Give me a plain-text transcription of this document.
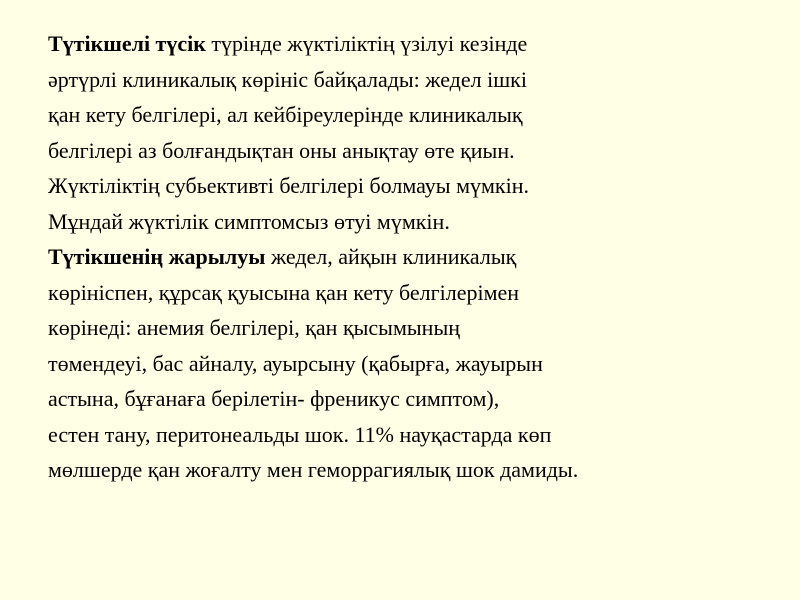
Түтікшелі түсік түрінде жүктіліктің үзілуі кезінде
әртүрлі клиникалық көрініс байқалады: жедел ішкі
қан кету белгілері, ал кейбіреулерінде клиникалық
белгілері аз болғандықтан оны анықтау өте қиын.
Жүктіліктің субьективті белгілері болмауы мүмкін.
Мұндай жүктілік симптомсыз өтуі мүмкін.
Түтікшенің жарылуы жедел, айқын клиникалық
көрініспен, құрсақ қуысына қан кету белгілерімен
көрінеді: анемия белгілері, қан қысымының
төмендеуі, бас айналу, ауырсыну (қабырға, жауырын
астына, бұғанаға берілетін- френикус симптом),
естен тану, перитонеальды шок. 11% науқастарда көп
мөлшерде қан жоғалту мен геморрагиялық шок дамиды.
